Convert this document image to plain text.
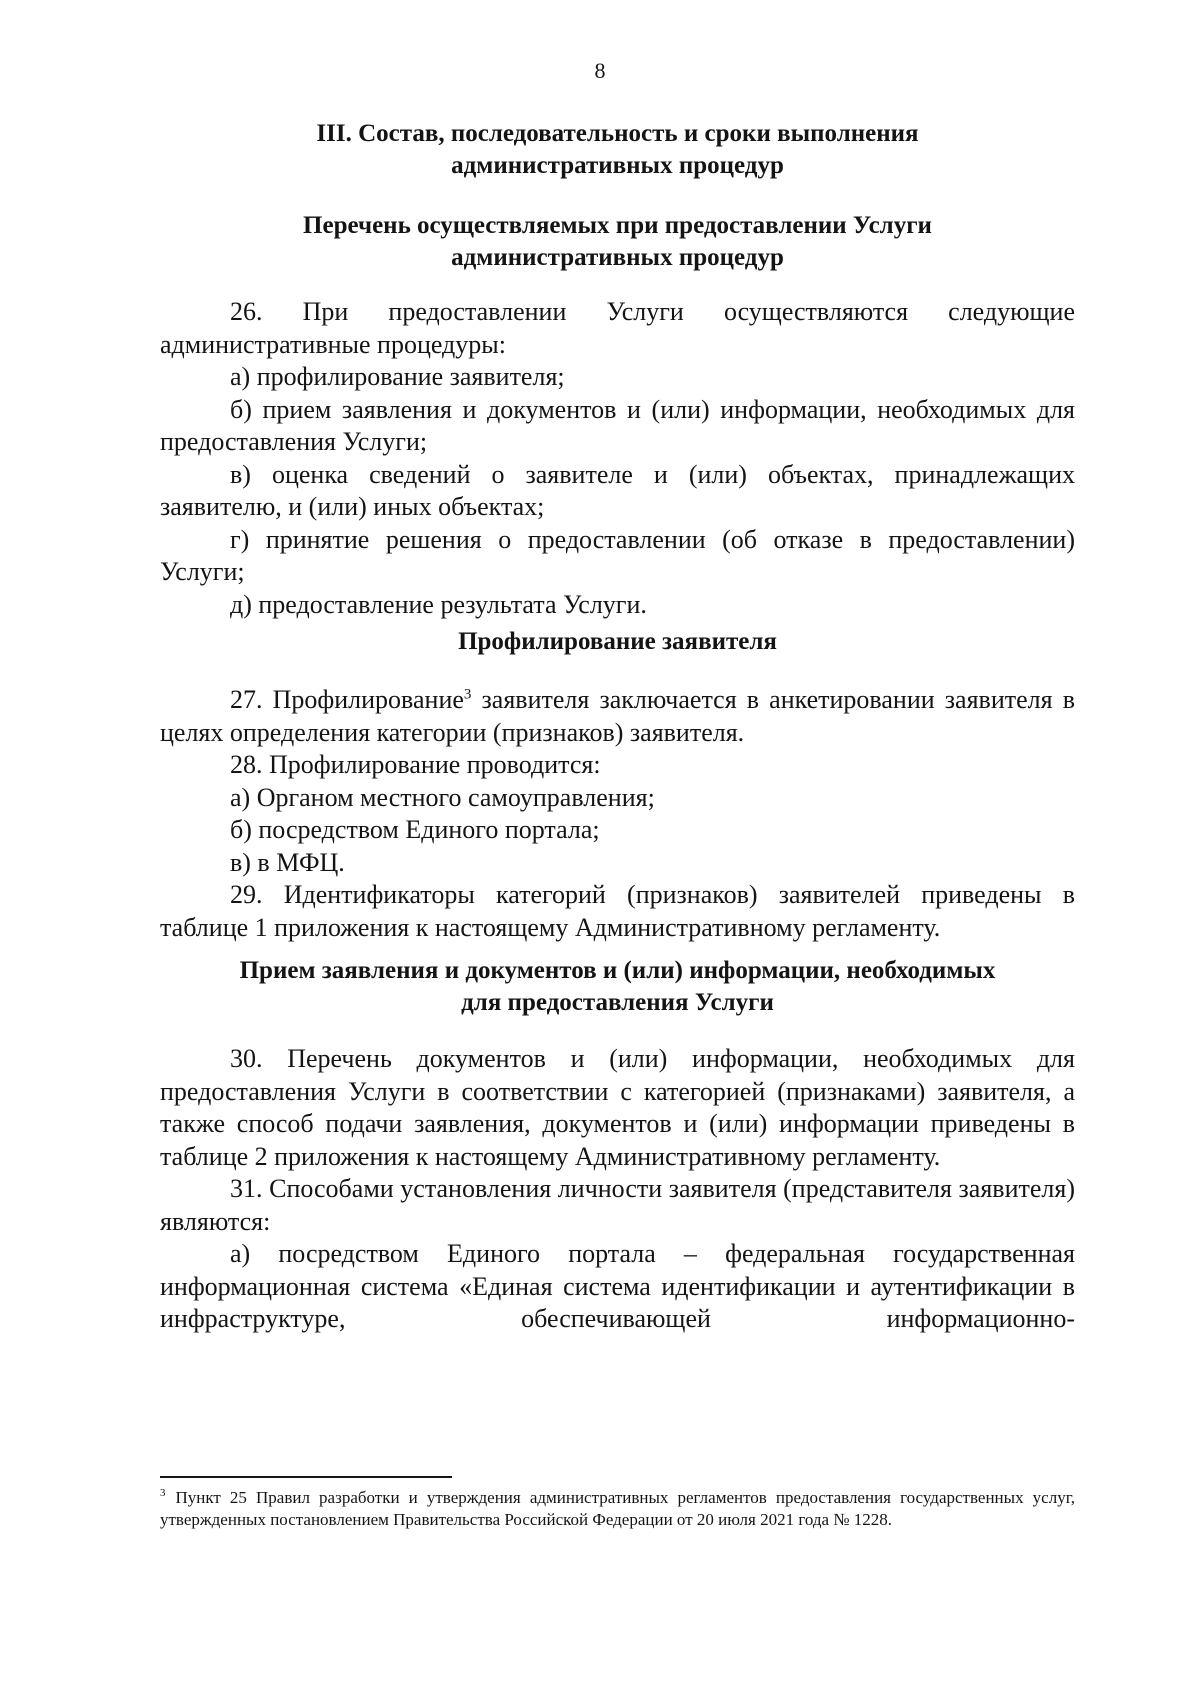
8
III. Состав, последовательность и сроки выполнения
административных процедур
Перечень осуществляемых при предоставлении Услуги
административных процедур

26. При предоставлении Услуги осуществляются следующие административные процедуры:

а) профилирование заявителя;

б) прием заявления и документов и (или) информации, необходимых для предоставления Услуги;

в) оценка сведений о заявителе и (или) объектах, принадлежащих заявителю, и (или) иных объектах;

г) принятие решения о предоставлении (об отказе в предоставлении) Услуги;

д) предоставление результата Услуги.

Профилирование заявителя

27. Профилирование$^3$ заявителя заключается в анкетировании заявителя в целях определения категории (признаков) заявителя.

28. Профилирование проводится:

а) Органом местного самоуправления;

б) посредством Единого портала;

в) в МФЦ.

29. Идентификаторы категорий (признаков) заявителей приведены в таблице 1 приложения к настоящему Административному регламенту.

Прием заявления и документов и (или) информации, необходимых
для предоставления Услуги

30. Перечень документов и (или) информации, необходимых для предоставления Услуги в соответствии с категорией (признаками) заявителя, а также способ подачи заявления, документов и (или) информации приведены в таблице 2 приложения к настоящему Административному регламенту.

31. Способами установления личности заявителя (представителя заявителя) являются:

а) посредством Единого портала – федеральная государственная информационная система «Единая система идентификации и аутентификации в инфраструктуре, обеспечивающей информационно-

$^3$ Пункт 25 Правил разработки и утверждения административных регламентов предоставления государственных услуг, утвержденных постановлением Правительства Российской Федерации от 20 июля 2021 года № 1228.
